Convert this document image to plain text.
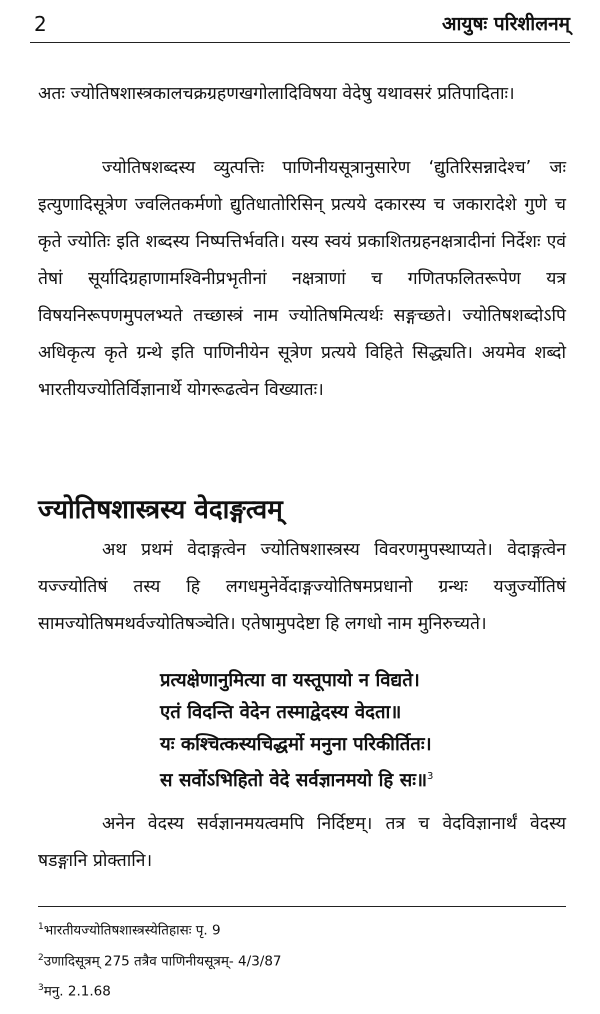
2	आयुषः परिशीलनम्

अतः ज्योतिषशास्त्रकालचक्रग्रहणखगोलादिविषया वेदेषु यथावसरं प्रतिपादिताः।

ज्योतिषशब्दस्य व्युत्पत्तिः पाणिनीयसूत्रानुसारेण ‘द्युतिरिसन्नादेश्च’ जः इत्युणादिसूत्रेण ज्वलितकर्मणो द्युतिधातोरिसिन् प्रत्यये दकारस्य च जकारादेशे गुणे च कृते ज्योतिः इति शब्दस्य निष्पत्तिर्भवति। यस्य स्वयं प्रकाशितग्रहनक्षत्रादीनां निर्देशः एवं तेषां सूर्यादिग्रहाणामश्विनीप्रभृतीनां नक्षत्राणां च गणितफलितरूपेण यत्र विषयनिरूपणमुपलभ्यते तच्छास्त्रं नाम ज्योतिषमित्यर्थः सङ्गच्छते। ज्योतिषशब्दोऽपि अधिकृत्य कृते ग्रन्थे इति पाणिनीयेन सूत्रेण प्रत्यये विहिते सिद्ध्यति। अयमेव शब्दो भारतीयज्योतिर्विज्ञानार्थे योगरूढत्वेन विख्यातः।

ज्योतिषशास्त्रस्य वेदाङ्गत्वम्

अथ प्रथमं वेदाङ्गत्वेन ज्योतिषशास्त्रस्य विवरणमुपस्थाप्यते। वेदाङ्गत्वेन यज्ज्योतिषं तस्य हि लगधमुनेर्वेदाङ्गज्योतिषमप्रधानो ग्रन्थः यजुर्ज्योतिषं सामज्योतिषमथर्वज्योतिषञ्चेति। एतेषामुपदेष्टा हि लगधो नाम मुनिरुच्यते।

प्रत्यक्षेणानुमित्या वा यस्तूपायो न विद्यते।
एतं विदन्ति वेदेन तस्माद्वेदस्य वेदता॥
यः कश्चित्कस्यचिद्धर्मो मनुना परिकीर्तितः।
स सर्वोऽभिहितो वेदे सर्वज्ञानमयो हि सः॥$^3$

अनेन वेदस्य सर्वज्ञानमयत्वमपि निर्दिष्टम्। तत्र च वेदविज्ञानार्थं वेदस्य षडङ्गानि प्रोक्तानि।

$^1$भारतीयज्योतिषशास्त्रस्येतिहासः पृ. 9
$^2$उणादिसूत्रम् 275 तत्रैव पाणिनीयसूत्रम्- 4/3/87
$^3$मनु. 2.1.68
